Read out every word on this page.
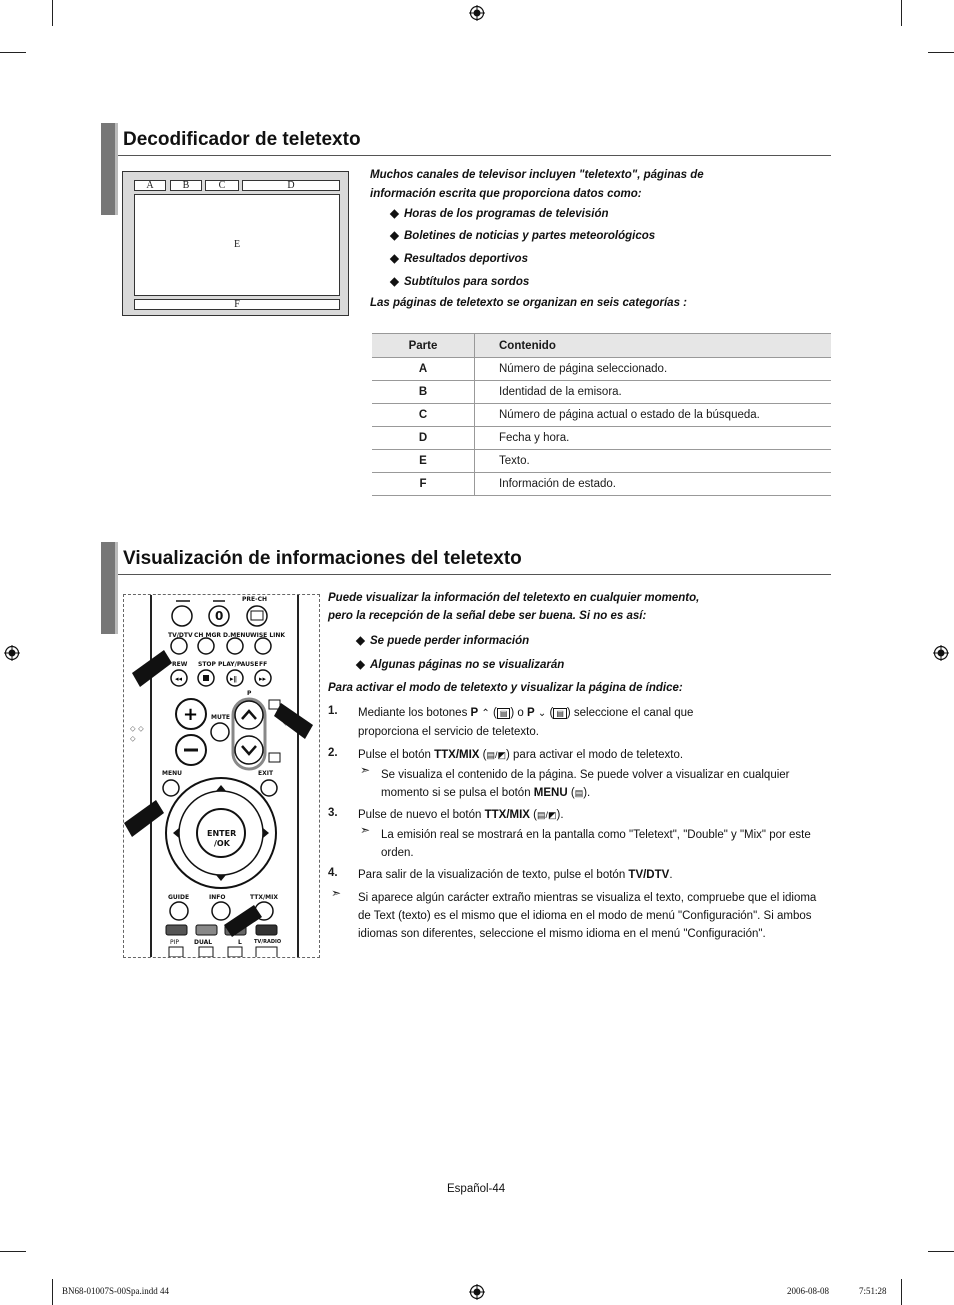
Decodificador de teletexto
A	B	C	D
E
F
Muchos canales de televisor incluyen "teletexto", páginas de
información escrita que proporciona datos como:
◆ Horas de los programas de televisión
◆ Boletines de noticias y partes meteorológicos
◆ Resultados deportivos
◆ Subtítulos para sordos
Las páginas de teletexto se organizan en seis categorías :
Parte	Contenido
A	Número de página seleccionado.
B	Identidad de la emisora.
C	Número de página actual o estado de la búsqueda.
D	Fecha y hora.
E	Texto.
F	Información de estado.
Visualización de informaciones del teletexto
◂◂	▸ǁ	▸▸
+
⬦ ⬦
⬦
PRE-CH
0
TV/DTV CH MGR D.MENU WISE LINK
REW STOP PLAY/PAUSE FF
P
MUTE
MENU	EXIT
ENTER
/OK
GUIDE	INFO	TTX/MIX
PIP DUAL	L TV/RADIO
Puede visualizar la información del teletexto en cualquier momento,
pero la recepción de la señal debe ser buena. Si no es así:
◆ Se puede perder información
◆ Algunas páginas no se visualizarán
Para activar el modo de teletexto y visualizar la página de índice:
1. Mediante los botones P ⌃ ( ▤ ) o P ⌄ ( ▤ ) seleccione el canal que
proporciona el servicio de teletexto.
2. Pulse el botón TTX/MIX (▤/◩) para activar el modo de teletexto.
➣ Se visualiza el contenido de la página. Se puede volver a visualizar en cualquier
momento si se pulsa el botón MENU (▤).
3. Pulse de nuevo el botón TTX/MIX (▤/◩).
➣ La emisión real se mostrará en la pantalla como "Teletext", "Double" y "Mix" por este
orden.
4. Para salir de la visualización de texto, pulse el botón TV/DTV.
➣ Si aparece algún carácter extraño mientras se visualiza el texto, compruebe que el idioma
de Text (texto) es el mismo que el idioma en el modo de menú "Configuración". Si ambos
idiomas son diferentes, seleccione el mismo idioma en el menú "Configuración".
Español-44
BN68-01007S-00Spa.indd 44	2006-08-08	7:51:28
